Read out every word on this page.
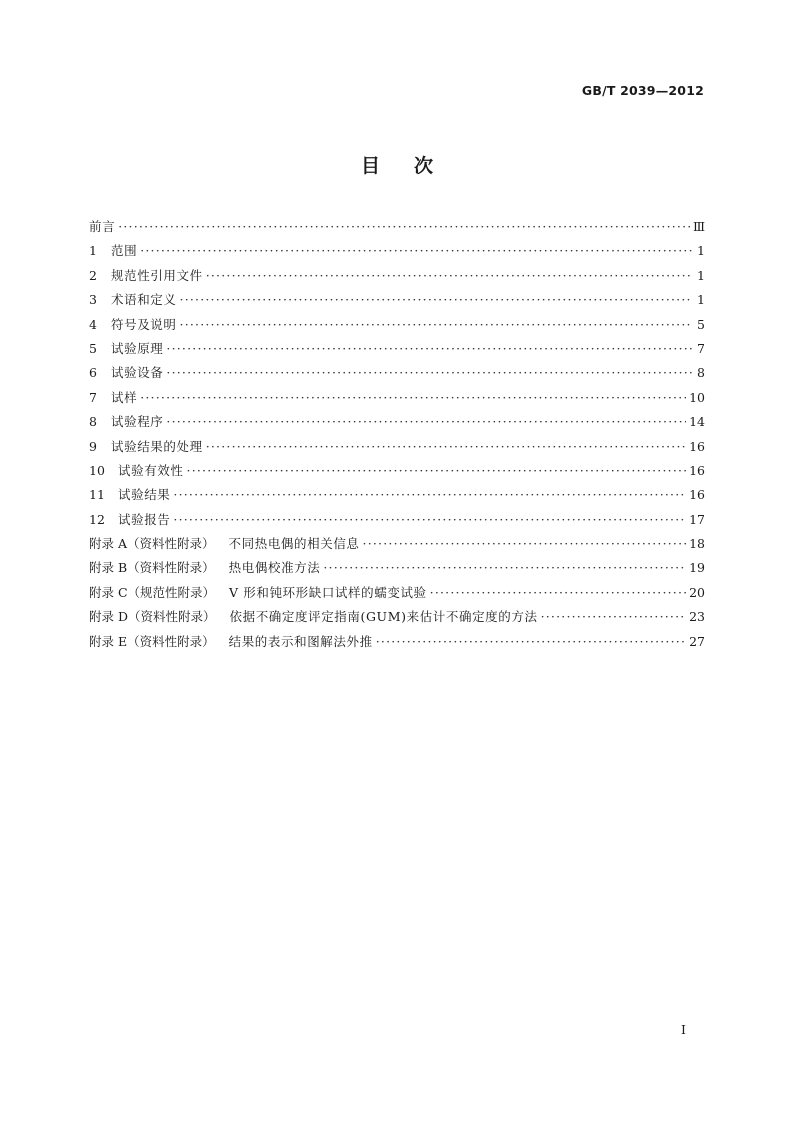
GB/T 2039—2012
目次
前言 ·····	Ⅲ
1	范围 ·····	1
2	规范性引用文件 ·····	1
3	术语和定义 ·····	1
4	符号及说明 ·····	5
5	试验原理 ·····	7
6	试验设备 ·····	8
7	试样 ·····	10
8	试验程序 ·····	14
9	试验结果的处理 ·····	16
10	试验有效性 ·····	16
11	试验结果 ·····	16
12	试验报告 ·····	17
附录 A（资料性附录） 不同热电偶的相关信息 ·····	18
附录 B（资料性附录） 热电偶校准方法 ·····	19
附录 C（规范性附录） V 形和钝环形缺口试样的蠕变试验 ·····	20
附录 D（资料性附录） 依据不确定度评定指南(GUM)来估计不确定度的方法 ·····	23
附录 E（资料性附录） 结果的表示和图解法外推 ·····	27
I
